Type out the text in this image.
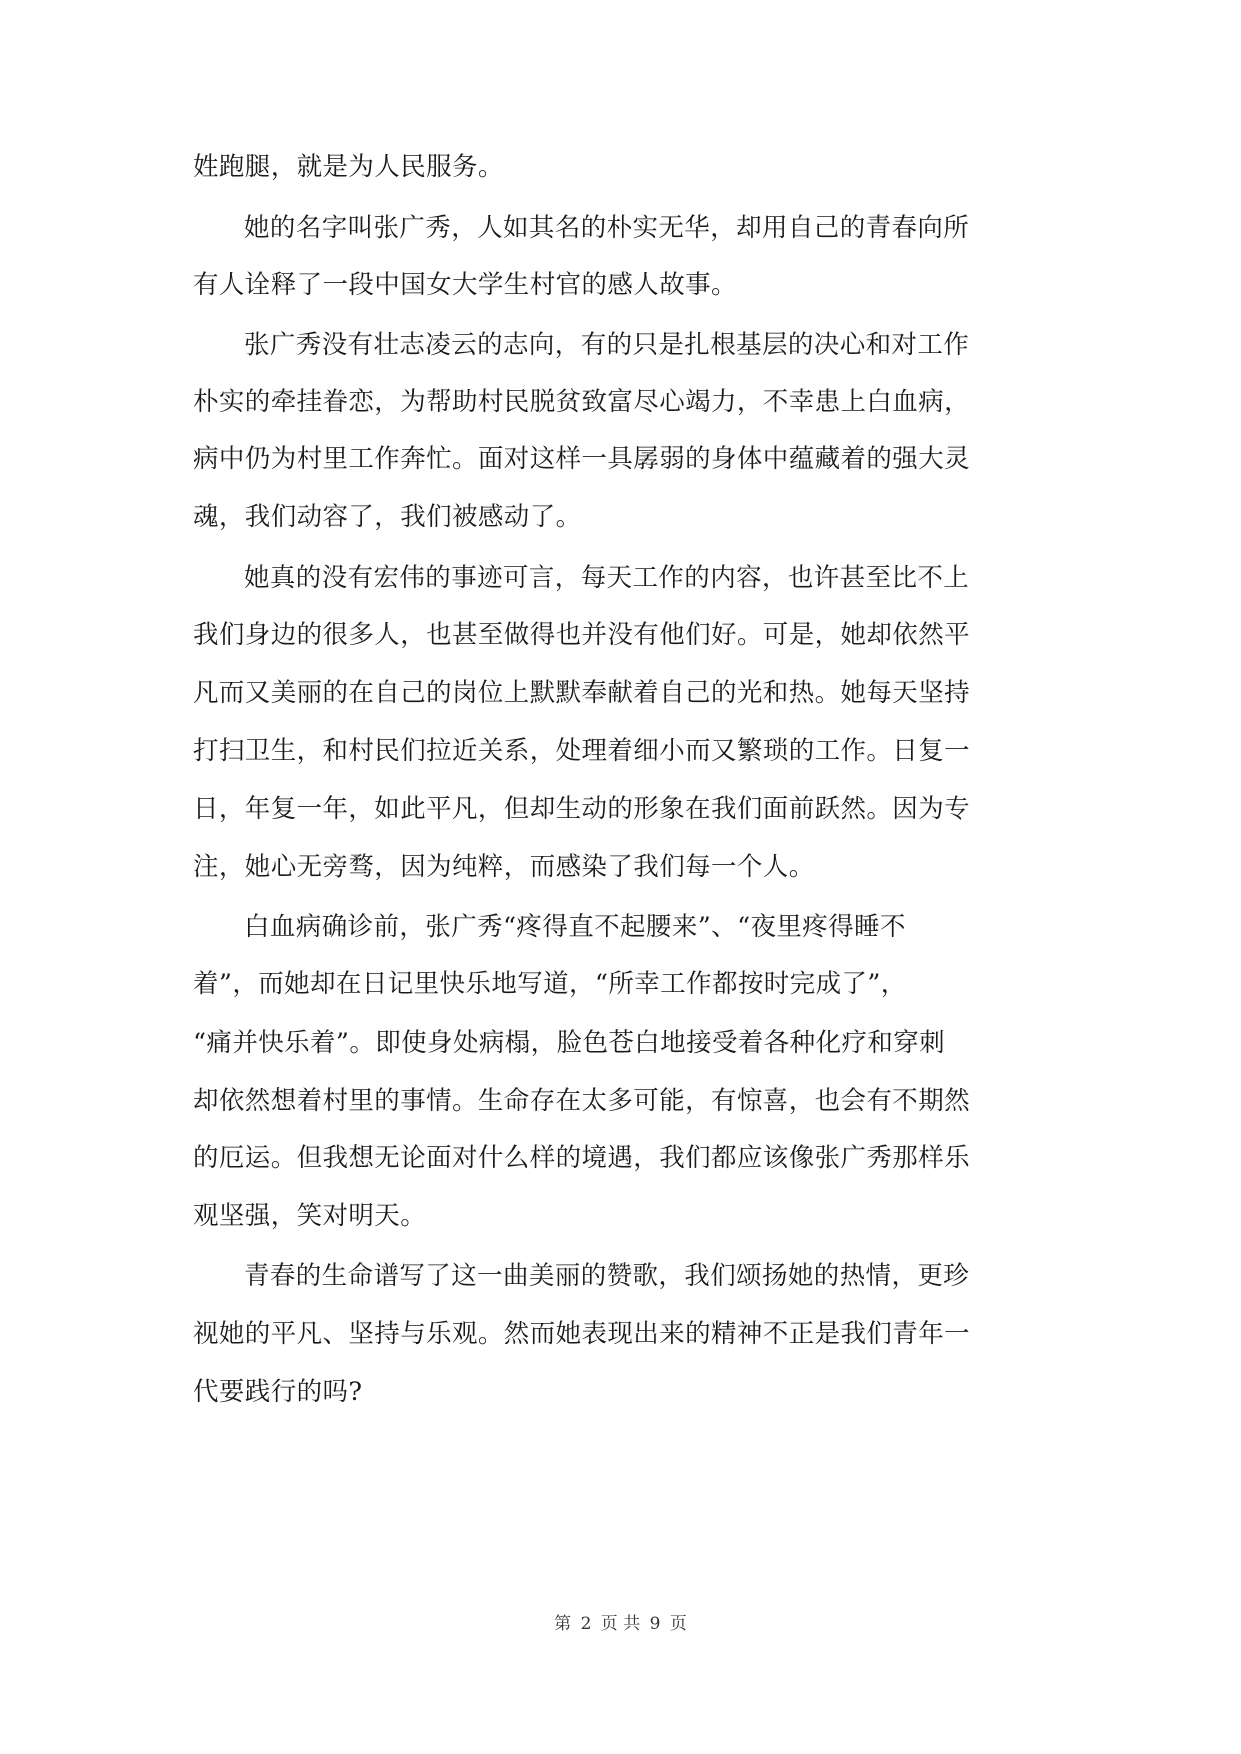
姓跑腿，就是为人民服务。
她的名字叫张广秀，人如其名的朴实无华，却用自己的青春向所
有人诠释了一段中国女大学生村官的感人故事。
张广秀没有壮志凌云的志向，有的只是扎根基层的决心和对工作
朴实的牵挂眷恋，为帮助村民脱贫致富尽心竭力，不幸患上白血病，
病中仍为村里工作奔忙。面对这样一具孱弱的身体中蕴藏着的强大灵
魂，我们动容了，我们被感动了。
她真的没有宏伟的事迹可言，每天工作的内容，也许甚至比不上
我们身边的很多人，也甚至做得也并没有他们好。可是，她却依然平
凡而又美丽的在自己的岗位上默默奉献着自己的光和热。她每天坚持
打扫卫生，和村民们拉近关系，处理着细小而又繁琐的工作。日复一
日，年复一年，如此平凡，但却生动的形象在我们面前跃然。因为专
注，她心无旁骛，因为纯粹，而感染了我们每一个人。
白血病确诊前，张广秀“疼得直不起腰来”、“夜里疼得睡不
着”，而她却在日记里快乐地写道，“所幸工作都按时完成了”，
“痛并快乐着”。即使身处病榻，脸色苍白地接受着各种化疗和穿刺
却依然想着村里的事情。生命存在太多可能，有惊喜，也会有不期然
的厄运。但我想无论面对什么样的境遇，我们都应该像张广秀那样乐
观坚强，笑对明天。
青春的生命谱写了这一曲美丽的赞歌，我们颂扬她的热情，更珍
视她的平凡、坚持与乐观。然而她表现出来的精神不正是我们青年一
代要践行的吗?
第 2 页 共 9 页
